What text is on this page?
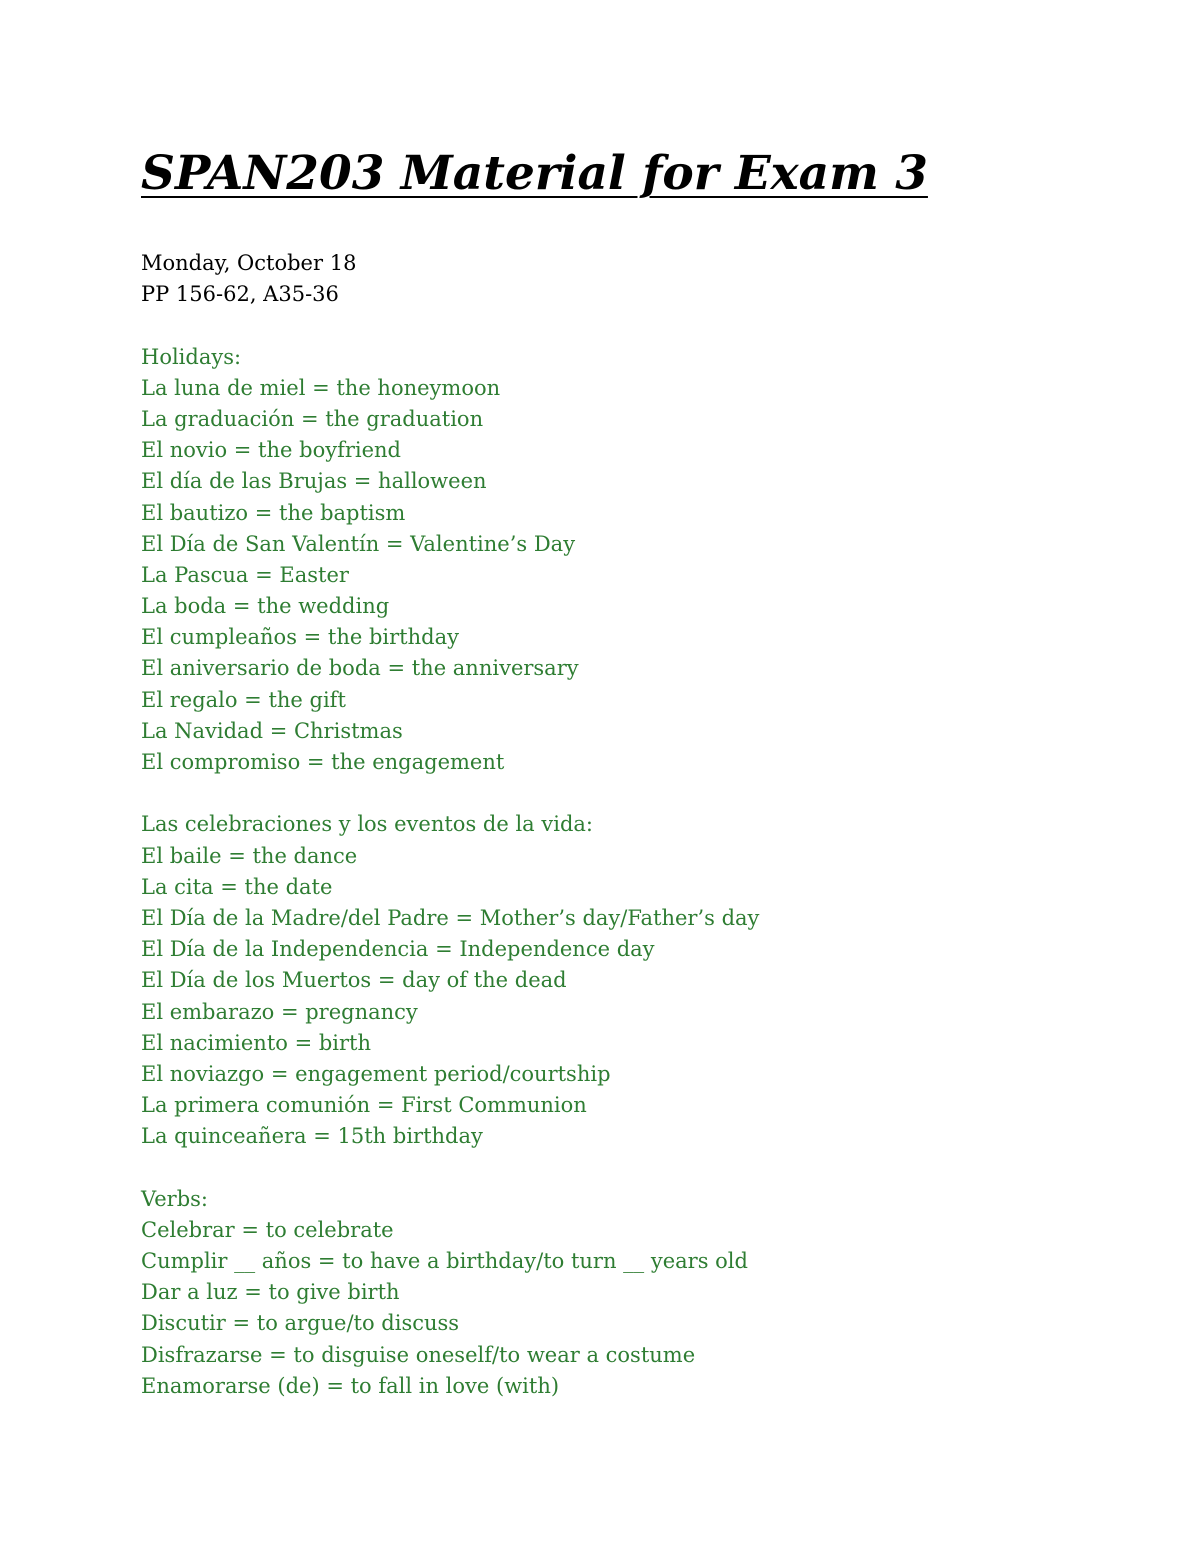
SPAN203 Material for Exam 3
Monday, October 18
PP 156-62, A35-36
Holidays:
La luna de miel = the honeymoon
La graduación = the graduation
El novio = the boyfriend
El día de las Brujas = halloween
El bautizo = the baptism
El Día de San Valentín = Valentine’s Day
La Pascua = Easter
La boda = the wedding
El cumpleaños = the birthday
El aniversario de boda = the anniversary
El regalo = the gift
La Navidad = Christmas
El compromiso = the engagement
Las celebraciones y los eventos de la vida:
El baile = the dance
La cita = the date
El Día de la Madre/del Padre = Mother’s day/Father’s day
El Día de la Independencia = Independence day
El Día de los Muertos = day of the dead
El embarazo = pregnancy
El nacimiento = birth
El noviazgo = engagement period/courtship
La primera comunión = First Communion
La quinceañera = 15th birthday
Verbs:
Celebrar = to celebrate
Cumplir __ años = to have a birthday/to turn __ years old
Dar a luz = to give birth
Discutir = to argue/to discuss
Disfrazarse = to disguise oneself/to wear a costume
Enamorarse (de) = to fall in love (with)
